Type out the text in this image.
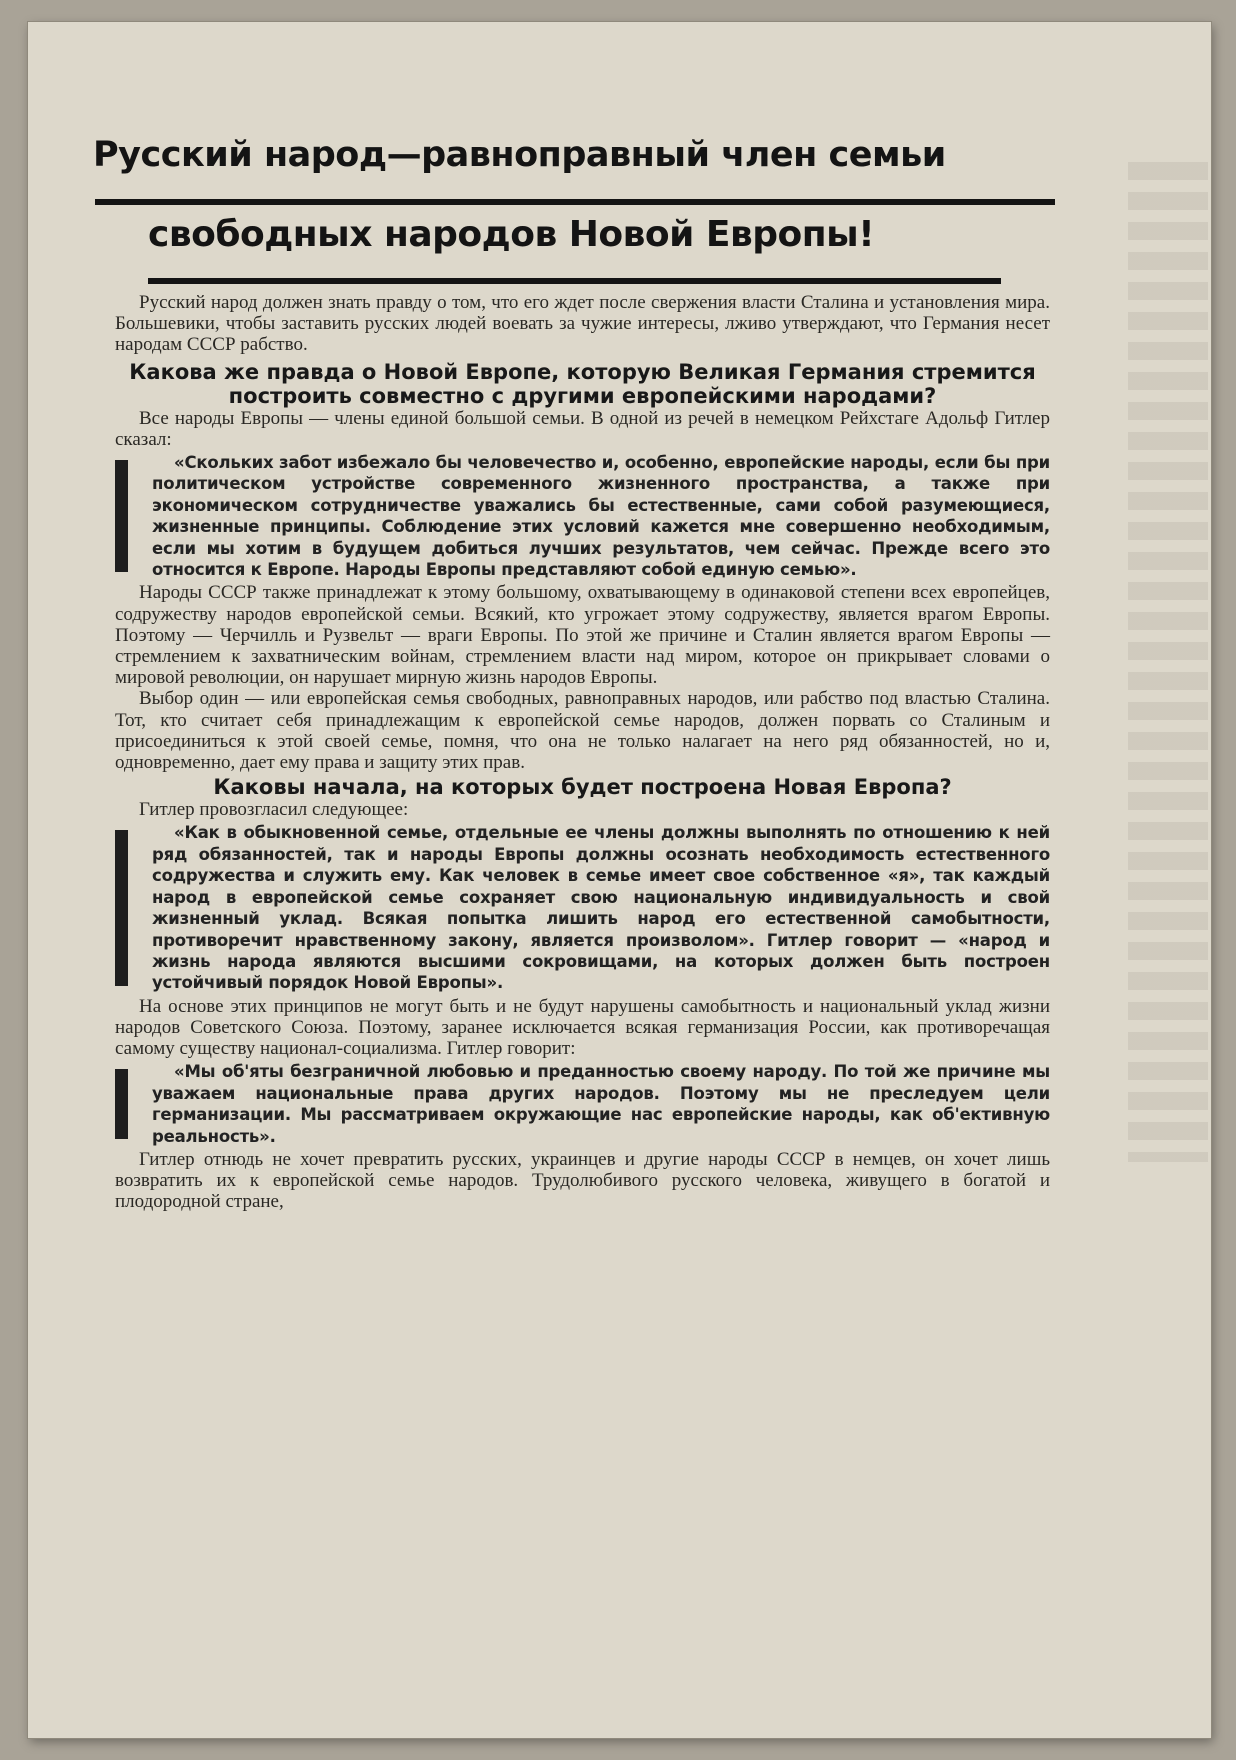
Русский народ—равноправный член семьи
свободных народов Новой Европы!

Русский народ должен знать правду о том, что его ждет после свержения власти Сталина и установления мира. Большевики, чтобы заставить русских людей воевать за чужие интересы, лживо утверждают, что Германия несет народам СССР рабство.

Какова же правда о Новой Европе, которую Великая Германия стремится построить совместно с другими европейскими народами?

Все народы Европы — члены единой большой семьи. В одной из речей в немецком Рейхстаге Адольф Гитлер сказал:

«Скольких забот избежало бы человечество и, особенно, европейские народы, если бы при политическом устройстве современного жизненного пространства, а также при экономическом сотрудничестве уважались бы естественные, сами собой разумеющиеся, жизненные принципы. Соблюдение этих условий кажется мне совершенно необходимым, если мы хотим в будущем добиться лучших результатов, чем сейчас. Прежде всего это относится к Европе. Народы Европы представляют собой единую семью».

Народы СССР также принадлежат к этому большому, охватывающему в одинаковой степени всех европейцев, содружеству народов европейской семьи. Всякий, кто угрожает этому содружеству, является врагом Европы. Поэтому — Черчилль и Рузвельт — враги Европы. По этой же причине и Сталин является врагом Европы — стремлением к захватническим войнам, стремлением власти над миром, которое он прикрывает словами о мировой революции, он нарушает мирную жизнь народов Европы.

Выбор один — или европейская семья свободных, равноправных народов, или рабство под властью Сталина. Тот, кто считает себя принадлежащим к европейской семье народов, должен порвать со Сталиным и присоединиться к этой своей семье, помня, что она не только налагает на него ряд обязанностей, но и, одновременно, дает ему права и защиту этих прав.

Каковы начала, на которых будет построена Новая Европа?

Гитлер провозгласил следующее:

«Как в обыкновенной семье, отдельные ее члены должны выполнять по отношению к ней ряд обязанностей, так и народы Европы должны осознать необходимость естественного содружества и служить ему. Как человек в семье имеет свое собственное «я», так каждый народ в европейской семье сохраняет свою национальную индивидуальность и свой жизненный уклад. Всякая попытка лишить народ его естественной самобытности, противоречит нравственному закону, является произволом». Гитлер говорит — «народ и жизнь народа являются высшими сокровищами, на которых должен быть построен устойчивый порядок Новой Европы».

На основе этих принципов не могут быть и не будут нарушены самобытность и национальный уклад жизни народов Советского Союза. Поэтому, заранее исключается всякая германизация России, как противоречащая самому существу национал-социализма. Гитлер говорит:

«Мы об'яты безграничной любовью и преданностью своему народу. По той же причине мы уважаем национальные права других народов. Поэтому мы не преследуем цели германизации. Мы рассматриваем окружающие нас европейские народы, как об'ективную реальность».

Гитлер отнюдь не хочет превратить русских, украинцев и другие народы СССР в немцев, он хочет лишь возвратить их к европейской семье народов. Трудолюбивого русского человека, живущего в богатой и плодородной стране,
